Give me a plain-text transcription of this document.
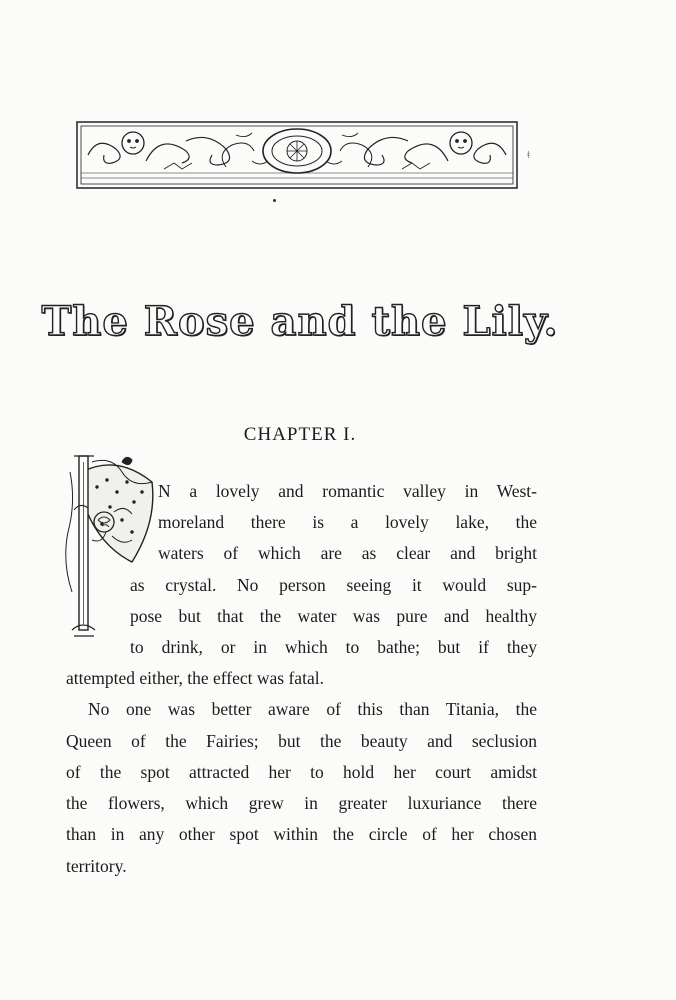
ǂ
The Rose and the Lily.
CHAPTER I.
N a lovely and romantic valley in West-
moreland there is a lovely lake, the
waters of which are as clear and bright
as crystal. No person seeing it would sup-
pose but that the water was pure and healthy
to drink, or in which to bathe; but if they
attempted either, the effect was fatal.
No one was better aware of this than Titania, the
Queen of the Fairies; but the beauty and seclusion
of the spot attracted her to hold her court amidst
the flowers, which grew in greater luxuriance there
than in any other spot within the circle of her chosen
territory.
